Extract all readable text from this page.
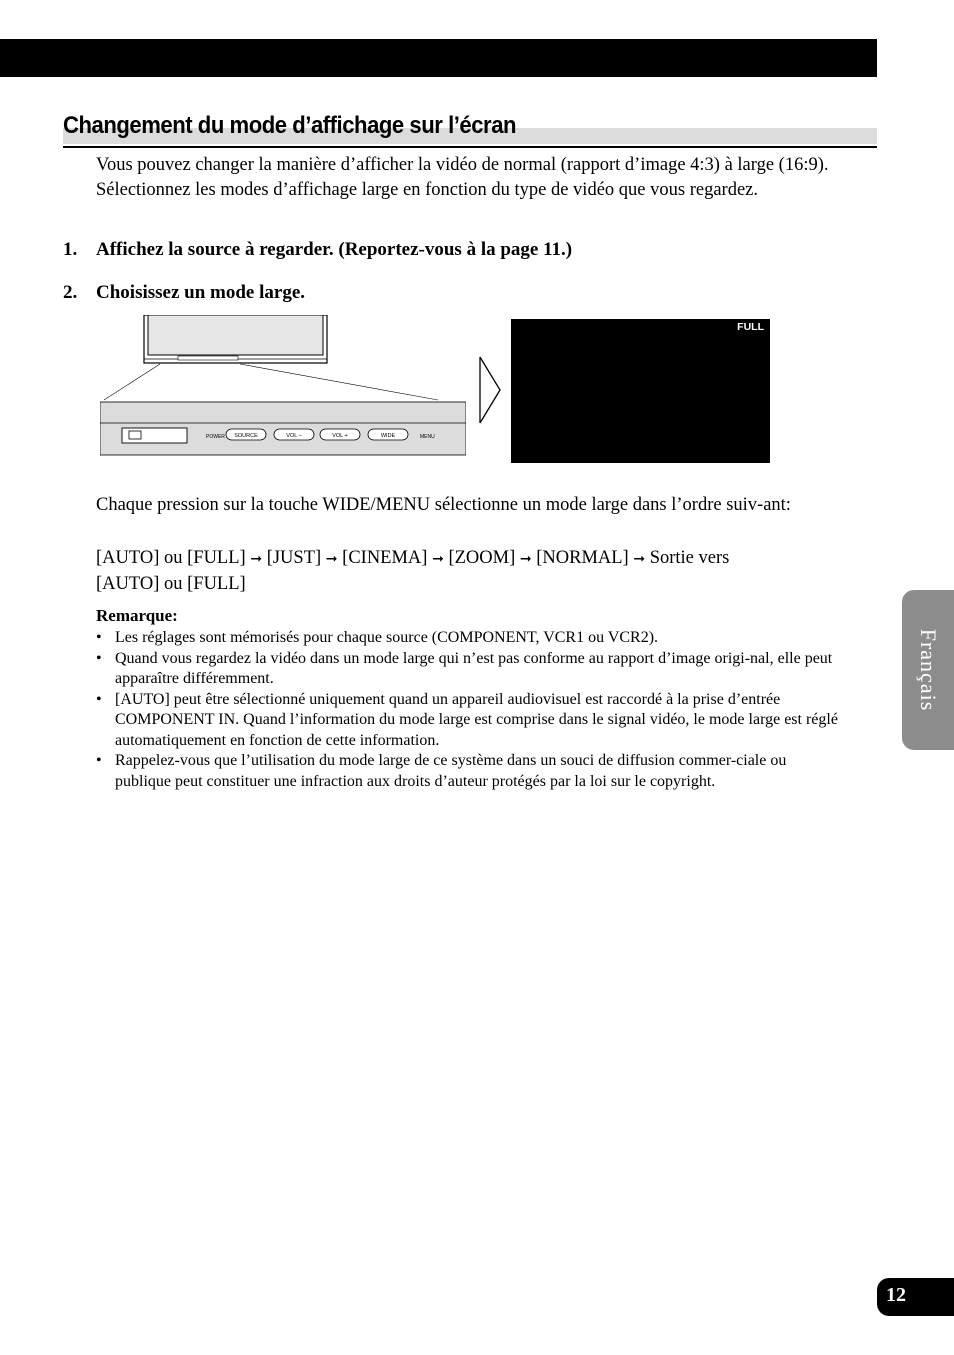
Changement du mode d’affichage sur l’écran

Vous pouvez changer la manière d’afficher la vidéo de normal (rapport d’image 4:3) à large (16:9). Sélectionnez les modes d’affichage large en fonction du type de vidéo que vous regardez.

1. Affichez la source à regarder. (Reportez-vous à la page 11.)
2. Choisissez un mode large.
POWER SOURCE	VOL –	VOL +	WIDE	MENU
FULL

Chaque pression sur la touche WIDE/MENU sélectionne un mode large dans l’ordre suiv-ant:

[AUTO] ou [FULL] ➞ [JUST] ➞ [CINEMA] ➞ [ZOOM] ➞ [NORMAL] ➞ Sortie vers
[AUTO] ou [FULL]

Remarque:

• Les réglages sont mémorisés pour chaque source (COMPONENT, VCR1 ou VCR2).
• Quand vous regardez la vidéo dans un mode large qui n’est pas conforme au rapport d’image origi-nal, elle peut apparaître différemment.
• [AUTO] peut être sélectionné uniquement quand un appareil audiovisuel est raccordé à la prise d’entrée COMPONENT IN. Quand l’information du mode large est comprise dans le signal vidéo, le mode large est réglé automatiquement en fonction de cette information.
• Rappelez-vous que l’utilisation du mode large de ce système dans un souci de diffusion commer-ciale ou publique peut constituer une infraction aux droits d’auteur protégés par la loi sur le copyright.
Français
12
